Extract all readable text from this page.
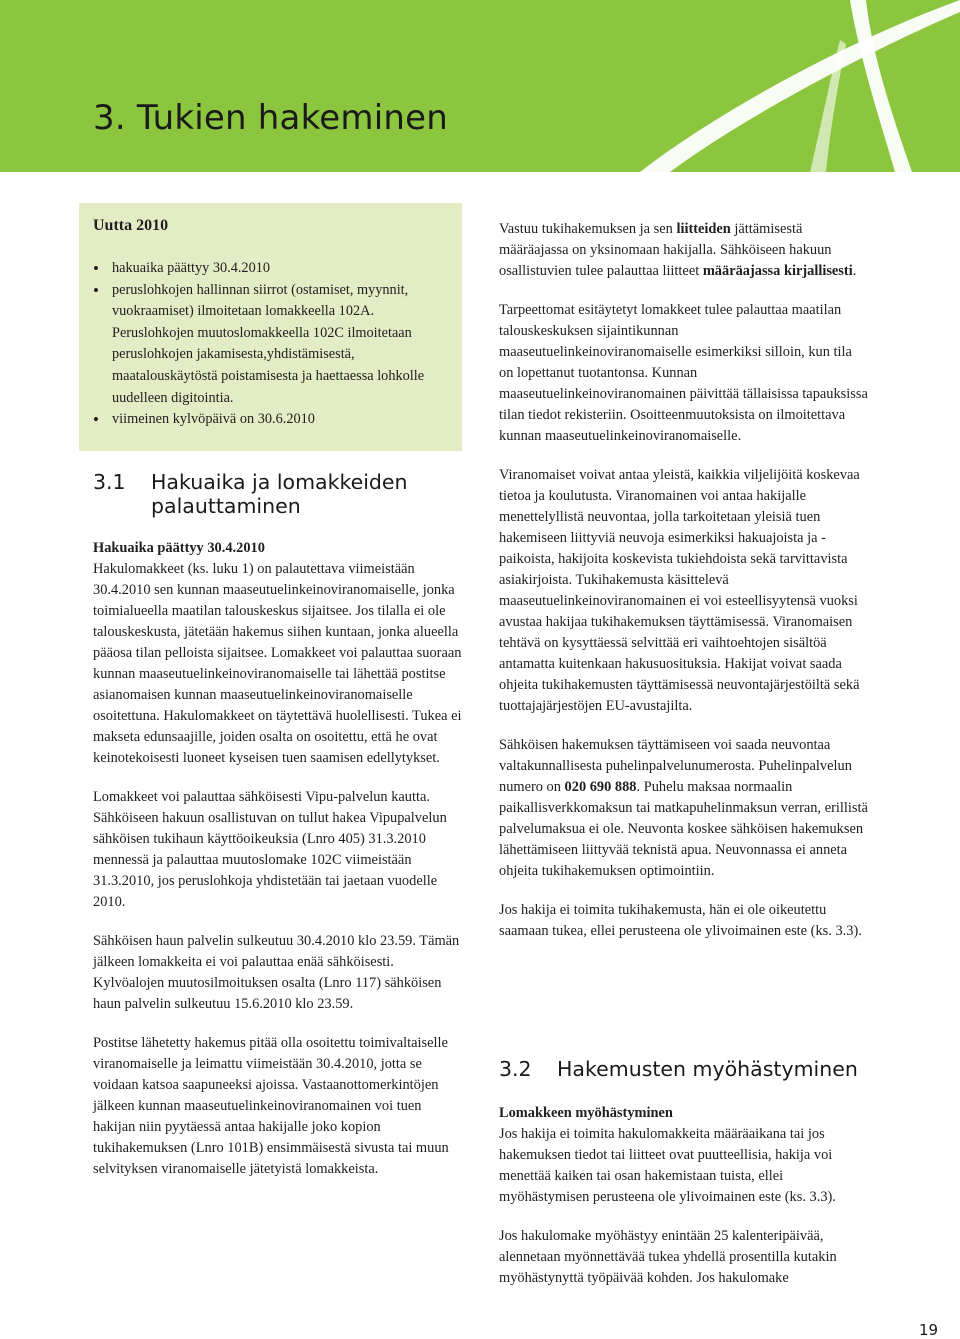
3. Tukien hakeminen
Uutta 2010
• hakuaika päättyy 30.4.2010
• peruslohkojen hallinnan siirrot (ostamiset, myynnit, vuokraamiset) ilmoitetaan lomakkeella 102A. Peruslohkojen muutoslomakkeella 102C ilmoitetaan peruslohkojen jakamisesta,yhdistämisestä, maatalouskäytöstä poistamisesta ja haettaessa lohkolle uudelleen digitointia.
• viimeinen kylvöpäivä on 30.6.2010
3.1 Hakuaika ja lomakkeiden
palauttaminen

Hakuaika päättyy 30.4.2010
Hakulomakkeet (ks. luku 1) on palautettava viimeistään 30.4.2010 sen kunnan maaseutuelinkeinoviranomaiselle, jonka toimialueella maatilan talouskeskus sijaitsee. Jos tilalla ei ole talouskeskusta, jätetään hakemus siihen kuntaan, jonka alueella pääosa tilan pelloista sijaitsee. Lomakkeet voi palauttaa suoraan kunnan maaseutuelinkeinoviranomaiselle tai lähettää postitse asianomaisen kunnan maaseutuelinkeinoviranomaiselle osoitettuna. Hakulomakkeet on täytettävä huolellisesti. Tukea ei makseta edunsaajille, joiden osalta on osoitettu, että he ovat keinotekoisesti luoneet kyseisen tuen saamisen edellytykset.

Lomakkeet voi palauttaa sähköisesti Vipu-palvelun kautta. Sähköiseen hakuun osallistuvan on tullut hakea Vipupalvelun sähköisen tukihaun käyttöoikeuksia (Lnro 405) 31.3.2010 mennessä ja palauttaa muutoslomake 102C viimeistään 31.3.2010, jos peruslohkoja yhdistetään tai jaetaan vuodelle 2010.

Sähköisen haun palvelin sulkeutuu 30.4.2010 klo 23.59. Tämän jälkeen lomakkeita ei voi palauttaa enää sähköisesti. Kylvöalojen muutosilmoituksen osalta (Lnro 117) sähköisen haun palvelin sulkeutuu 15.6.2010 klo 23.59.

Postitse lähetetty hakemus pitää olla osoitettu toimivaltaiselle viranomaiselle ja leimattu viimeistään 30.4.2010, jotta se voidaan katsoa saapuneeksi ajoissa. Vastaanottomerkintöjen jälkeen kunnan maaseutuelinkeinoviranomainen voi tuen hakijan niin pyytäessä antaa hakijalle joko kopion tukihakemuksen (Lnro 101B) ensimmäisestä sivusta tai muun selvityksen viranomaiselle jätetyistä lomakkeista.

Vastuu tukihakemuksen ja sen liitteiden jättämisestä määräajassa on yksinomaan hakijalla. Sähköiseen hakuun osallistuvien tulee palauttaa liitteet määräajassa kirjallisesti.

Tarpeettomat esitäytetyt lomakkeet tulee palauttaa maatilan talouskeskuksen sijaintikunnan maaseutuelinkeinoviranomaiselle esimerkiksi silloin, kun tila on lopettanut tuotantonsa. Kunnan maaseutuelinkeinoviranomainen päivittää tällaisissa tapauksissa tilan tiedot rekisteriin. Osoitteenmuutoksista on ilmoitettava kunnan maaseutuelinkeinoviranomaiselle.

Viranomaiset voivat antaa yleistä, kaikkia viljelijöitä koskevaa tietoa ja koulutusta. Viranomainen voi antaa hakijalle menettelyllistä neuvontaa, jolla tarkoitetaan yleisiä tuen hakemiseen liittyviä neuvoja esimerkiksi hakuajoista ja -paikoista, hakijoita koskevista tukiehdoista sekä tarvittavista asiakirjoista. Tukihakemusta käsittelevä maaseutuelinkeinoviranomainen ei voi esteellisyytensä vuoksi avustaa hakijaa tukihakemuksen täyttämisessä. Viranomaisen tehtävä on kysyttäessä selvittää eri vaihtoehtojen sisältöä antamatta kuitenkaan hakusuosituksia. Hakijat voivat saada ohjeita tukihakemusten täyttämisessä neuvontajärjestöiltä sekä tuottajajärjestöjen EU-avustajilta.

Sähköisen hakemuksen täyttämiseen voi saada neuvontaa valtakunnallisesta puhelinpalvelunumerosta. Puhelinpalvelun numero on 020 690 888. Puhelu maksaa normaalin paikallisverkkomaksun tai matkapuhelinmaksun verran, erillistä palvelumaksua ei ole. Neuvonta koskee sähköisen hakemuksen lähettämiseen liittyvää teknistä apua. Neuvonnassa ei anneta ohjeita tukihakemuksen optimointiin.

Jos hakija ei toimita tukihakemusta, hän ei ole oikeutettu saamaan tukea, ellei perusteena ole ylivoimainen este (ks. 3.3).

3.2 Hakemusten myöhästyminen

Lomakkeen myöhästyminen
Jos hakija ei toimita hakulomakkeita määräaikana tai jos hakemuksen tiedot tai liitteet ovat puutteellisia, hakija voi menettää kaiken tai osan hakemistaan tuista, ellei myöhästymisen perusteena ole ylivoimainen este (ks. 3.3).

Jos hakulomake myöhästyy enintään 25 kalenteripäivää, alennetaan myönnettävää tukea yhdellä prosentilla kutakin myöhästynyttä työpäivää kohden. Jos hakulomake

19
